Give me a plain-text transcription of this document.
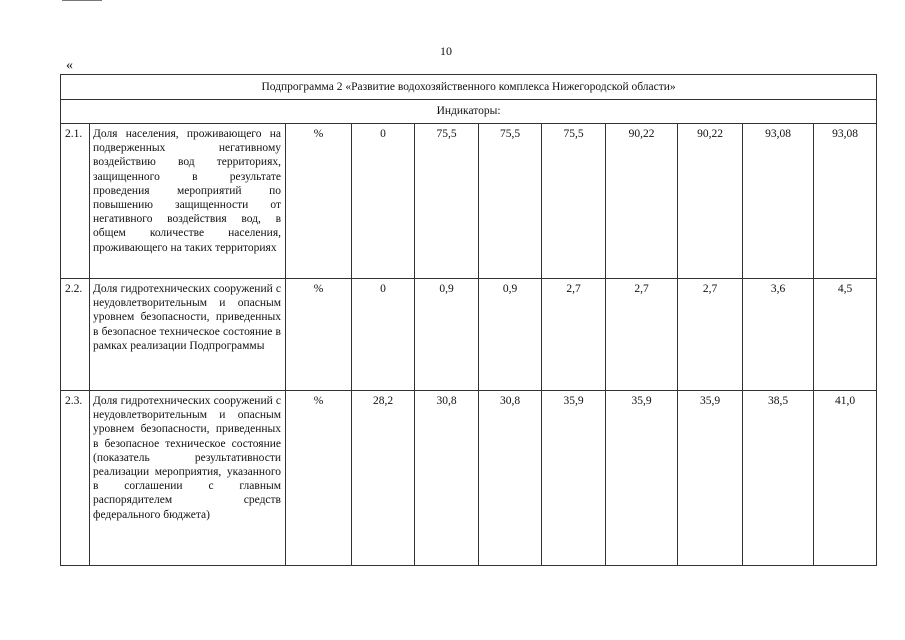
10
«
Подпрограмма 2 «Развитие водохозяйственного комплекса Нижегородской области»										
Индикаторы:										
2.1.	Доля населения, проживающего на подверженных негативному воздействию вод территориях, защищенного в результате проведения мероприятий по повышению защищенности от негативного воздействия вод, в общем количестве населения, проживающего на таких территориях	%	0	75,5	75,5	75,5	90,22	90,22	93,08	93,08
2.2.	Доля гидротехнических сооружений с неудовлетворительным и опасным уровнем безопасности, приведенных в безопасное техническое состояние в рамках реализации Подпрограммы	%	0	0,9	0,9	2,7	2,7	2,7	3,6	4,5
2.3.	Доля гидротехнических сооружений с неудовлетворительным и опасным уровнем безопасности, приведенных в безопасное техническое состояние (показатель результативности реализации мероприятия, указанного в соглашении с главным распорядителем средств федерального бюджета)	%	28,2	30,8	30,8	35,9	35,9	35,9	38,5	41,0
